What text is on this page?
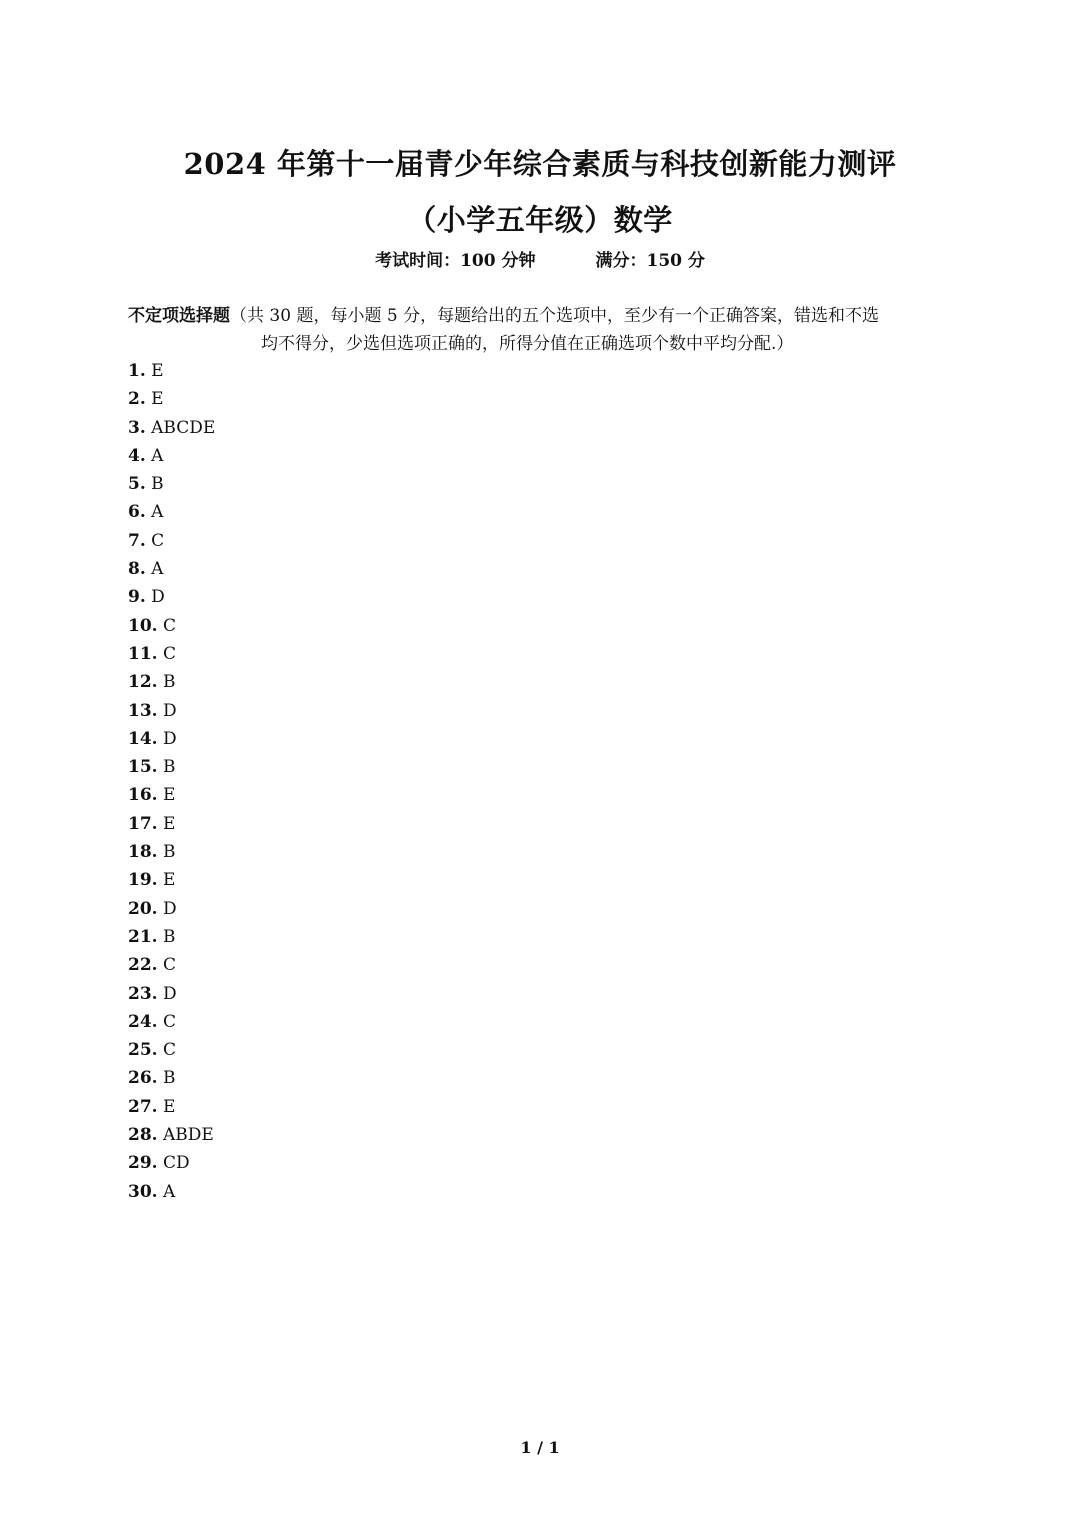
2024 年第十一届青少年综合素质与科技创新能力测评
（小学五年级）数学
考试时间：100 分钟	满分：150 分
不定项选择题（共 30 题，每小题 5 分，每题给出的五个选项中，至少有一个正确答案，错选和不选
均不得分，少选但选项正确的，所得分值在正确选项个数中平均分配.）
1. E
2. E
3. ABCDE
4. A
5. B
6. A
7. C
8. A
9. D
10. C
11. C
12. B
13. D
14. D
15. B
16. E
17. E
18. B
19. E
20. D
21. B
22. C
23. D
24. C
25. C
26. B
27. E
28. ABDE
29. CD
30. A
1 / 1
